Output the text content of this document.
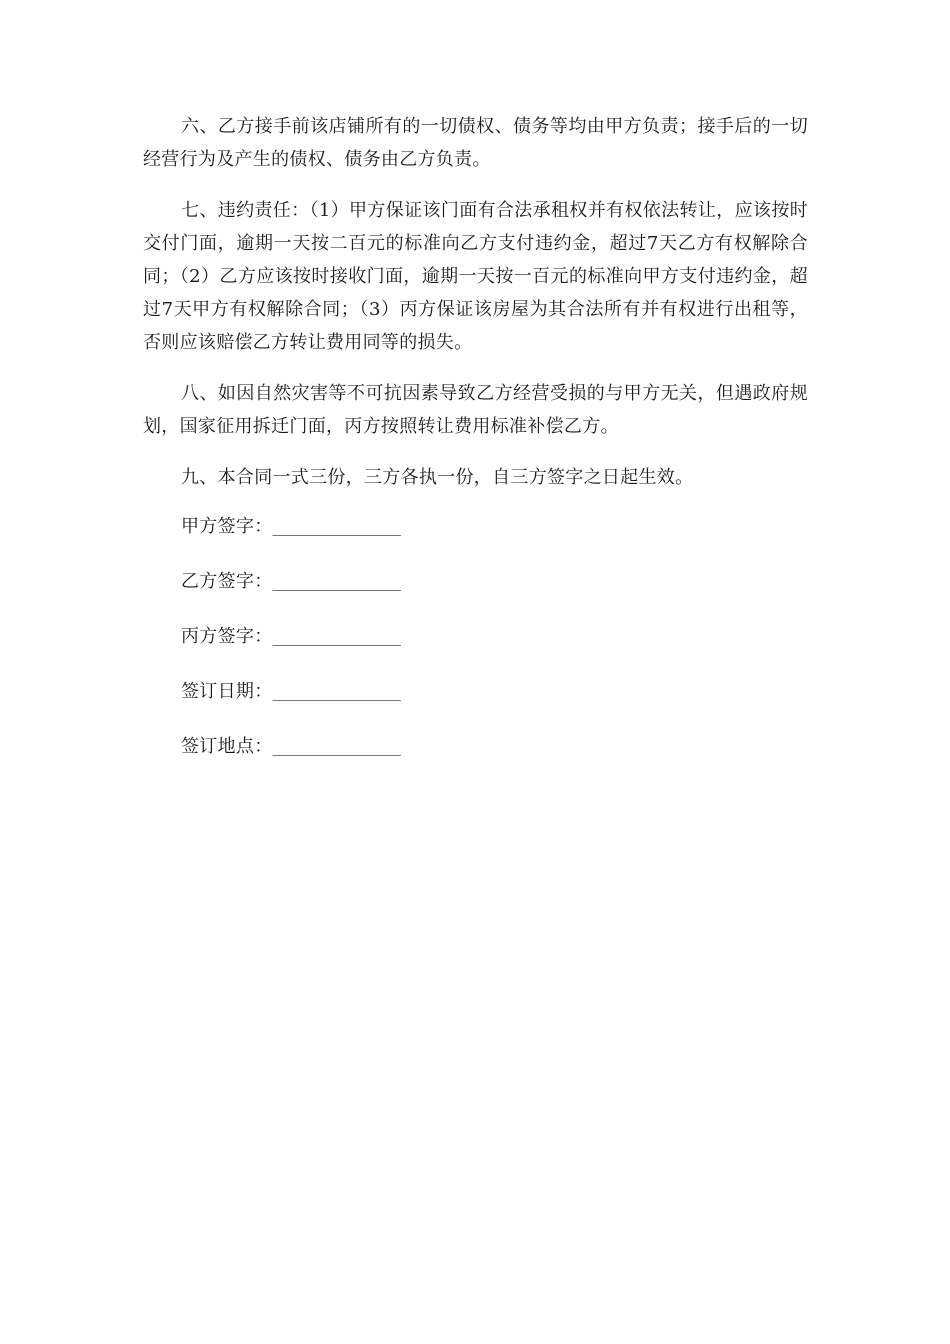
六、乙方接手前该店铺所有的一切债权、债务等均由甲方负责；接手后的一切经营行为及产生的债权、债务由乙方负责。

七、违约责任：（1）甲方保证该门面有合法承租权并有权依法转让，应该按时交付门面，逾期一天按二百元的标准向乙方支付违约金，超过7天乙方有权解除合同；（2）乙方应该按时接收门面，逾期一天按一百元的标准向甲方支付违约金，超过7天甲方有权解除合同；（3）丙方保证该房屋为其合法所有并有权进行出租等，否则应该赔偿乙方转让费用同等的损失。

八、如因自然灾害等不可抗因素导致乙方经营受损的与甲方无关，但遇政府规划，国家征用拆迁门面，丙方按照转让费用标准补偿乙方。

九、本合同一式三份，三方各执一份，自三方签字之日起生效。

甲方签字： _______________
乙方签字： _______________
丙方签字： _______________
签订日期： _______________
签订地点： _______________
